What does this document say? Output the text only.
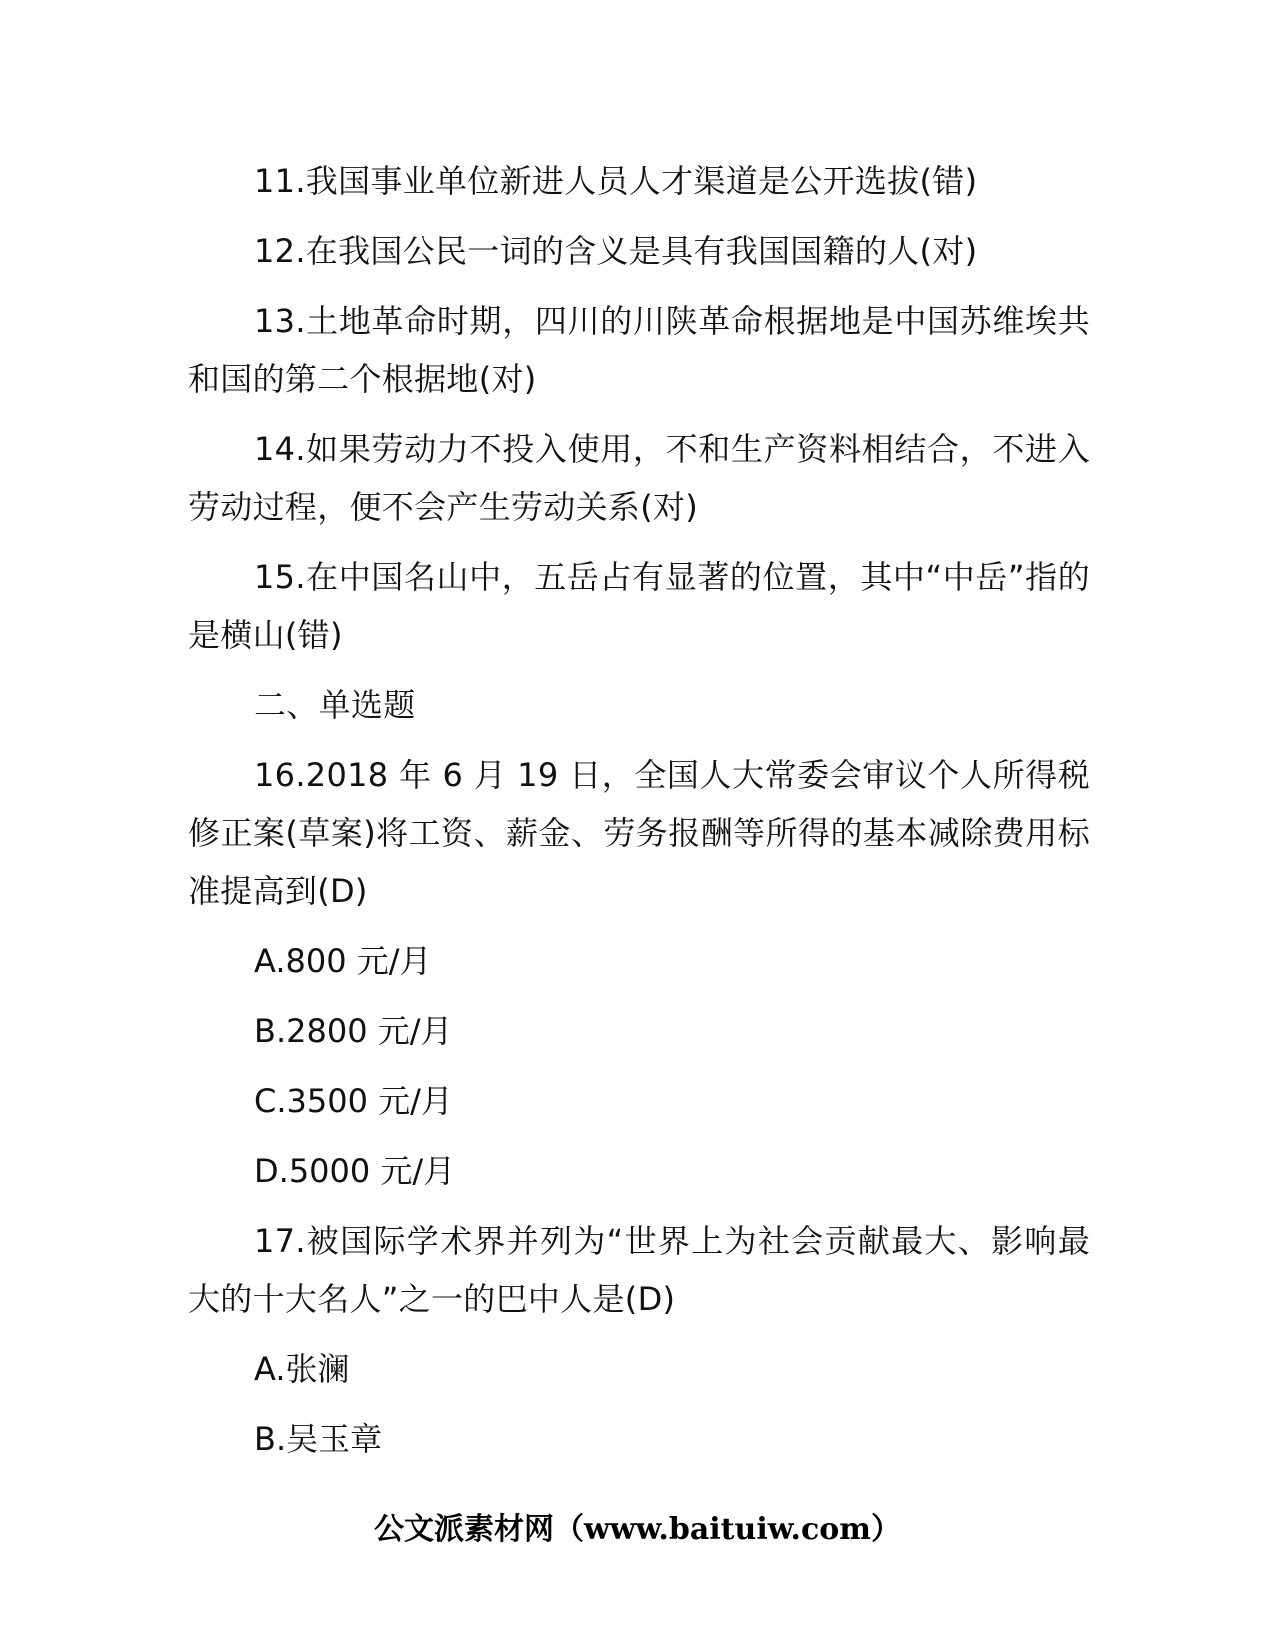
11.我国事业单位新进人员人才渠道是公开选拔(错)

12.在我国公民一词的含义是具有我国国籍的人(对)

13.土地革命时期，四川的川陕革命根据地是中国苏维埃共和国的第二个根据地(对)

14.如果劳动力不投入使用，不和生产资料相结合，不进入劳动过程，便不会产生劳动关系(对)

15.在中国名山中，五岳占有显著的位置，其中“中岳”指的是横山(错)

二、单选题

16.2018 年 6 月 19 日，全国人大常委会审议个人所得税修正案(草案)将工资、薪金、劳务报酬等所得的基本减除费用标准提高到(D)

A.800 元/月

B.2800 元/月

C.3500 元/月

D.5000 元/月

17.被国际学术界并列为“世界上为社会贡献最大、影响最大的十大名人”之一的巴中人是(D)

A.张澜

B.吴玉章

公文派素材网（www.baituiw.com）
